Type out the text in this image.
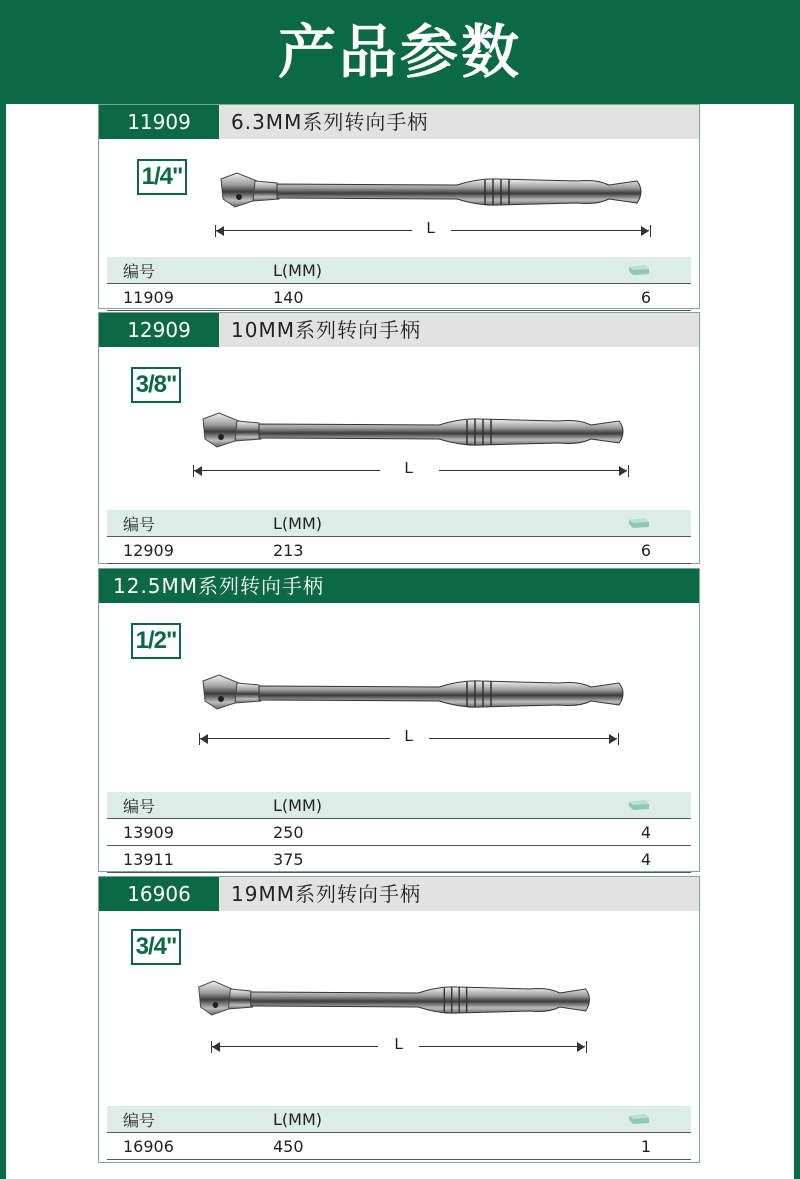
产品参数
11909	6.3MM系列转向手柄
1/4"
L
编号	L(MM)	
11909	140	6
12909	10MM系列转向手柄
3/8"
L
编号	L(MM)	
12909	213	6
12.5MM系列转向手柄
1/2"
L
编号	L(MM)	
13909	250	4
13911	375	4
16906	19MM系列转向手柄
3/4"
L
编号	L(MM)	
16906	450	1
